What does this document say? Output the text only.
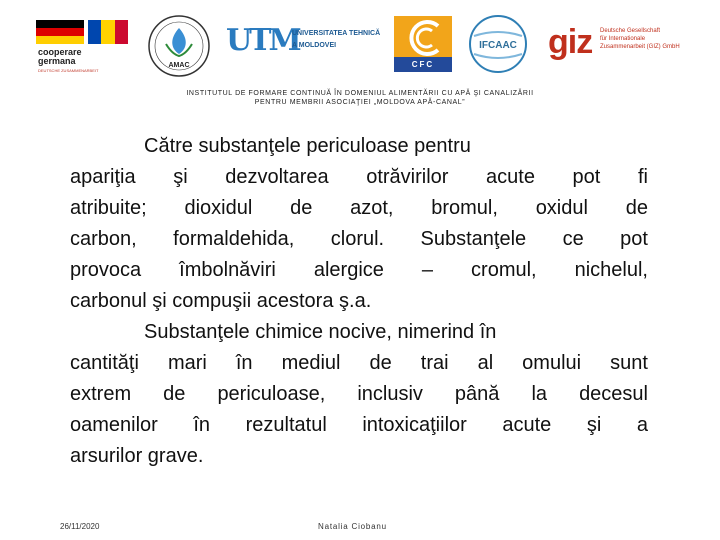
cooperare
germana
DEUTSCHE ZUSAMMENARBEIT
AMAC
UTM
UNIVERSITATEA TEHNICĂ
A MOLDOVEI
CFC
IFCAAC giz Deutsche Gesellschaft
für Internationale
Zusammenarbeit (GIZ) GmbH
INSTITUTUL DE FORMARE CONTINUĂ ÎN DOMENIUL ALIMENTĂRII CU APĂ ŞI CANALIZĂRII
PENTRU MEMBRII ASOCIAŢIEI „MOLDOVA APĂ-CANAL”
Către substanţele periculoase pentru
apariţia şi dezvoltarea otrăvirilor acute pot fi
atribuite; dioxidul de azot, bromul, oxidul de
carbon, formaldehida, clorul. Substanţele ce pot
provoca îmbolnăviri alergice – cromul, nichelul,
carbonul şi compuşii acestora ş.a.
Substanţele chimice nocive, nimerind în
cantităţi mari în mediul de trai al omului sunt
extrem de periculoase, inclusiv până la decesul
oamenilor în rezultatul intoxicaţiilor acute şi a
arsurilor grave.
26/11/2020	Natalia Ciobanu
